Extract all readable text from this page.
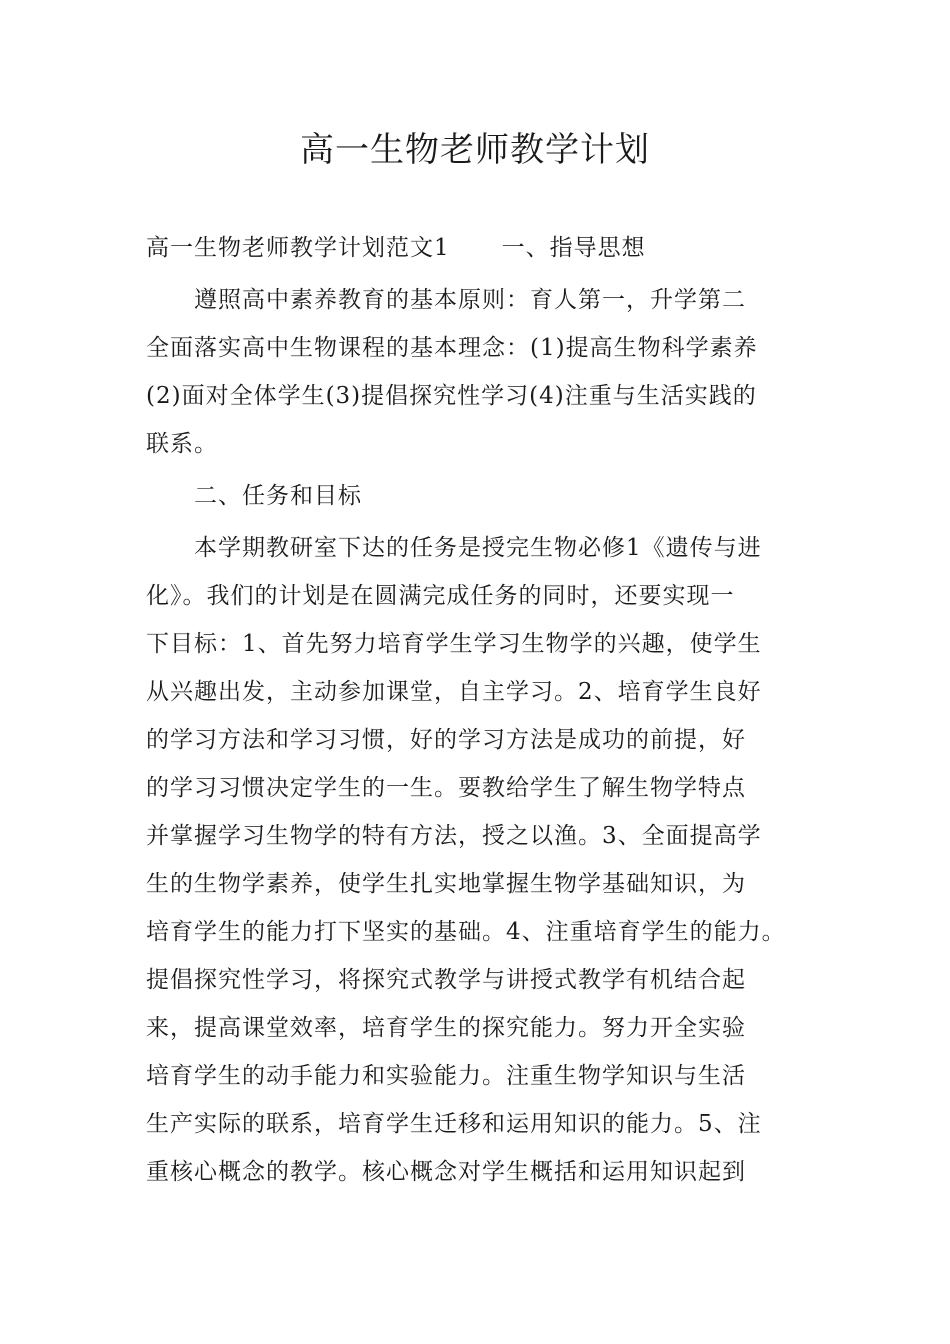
高一生物老师教学计划
高一生物老师教学计划范文1 一、指导思想
　　遵照高中素养教育的基本原则：育人第一，升学第二
全面落实高中生物课程的基本理念：(1)提高生物科学素养
(2)面对全体学生(3)提倡探究性学习(4)注重与生活实践的
联系。
　　二、任务和目标
　　本学期教研室下达的任务是授完生物必修1《遗传与进
化》。我们的计划是在圆满完成任务的同时，还要实现一
下目标：1、首先努力培育学生学习生物学的兴趣，使学生
从兴趣出发，主动参加课堂，自主学习。2、培育学生良好
的学习方法和学习习惯，好的学习方法是成功的前提，好
的学习习惯决定学生的一生。要教给学生了解生物学特点
并掌握学习生物学的特有方法，授之以渔。3、全面提高学
生的生物学素养，使学生扎实地掌握生物学基础知识，为
培育学生的能力打下坚实的基础。4、注重培育学生的能力。
提倡探究性学习，将探究式教学与讲授式教学有机结合起
来，提高课堂效率，培育学生的探究能力。努力开全实验
培育学生的动手能力和实验能力。注重生物学知识与生活
生产实际的联系，培育学生迁移和运用知识的能力。5、注
重核心概念的教学。核心概念对学生概括和运用知识起到
